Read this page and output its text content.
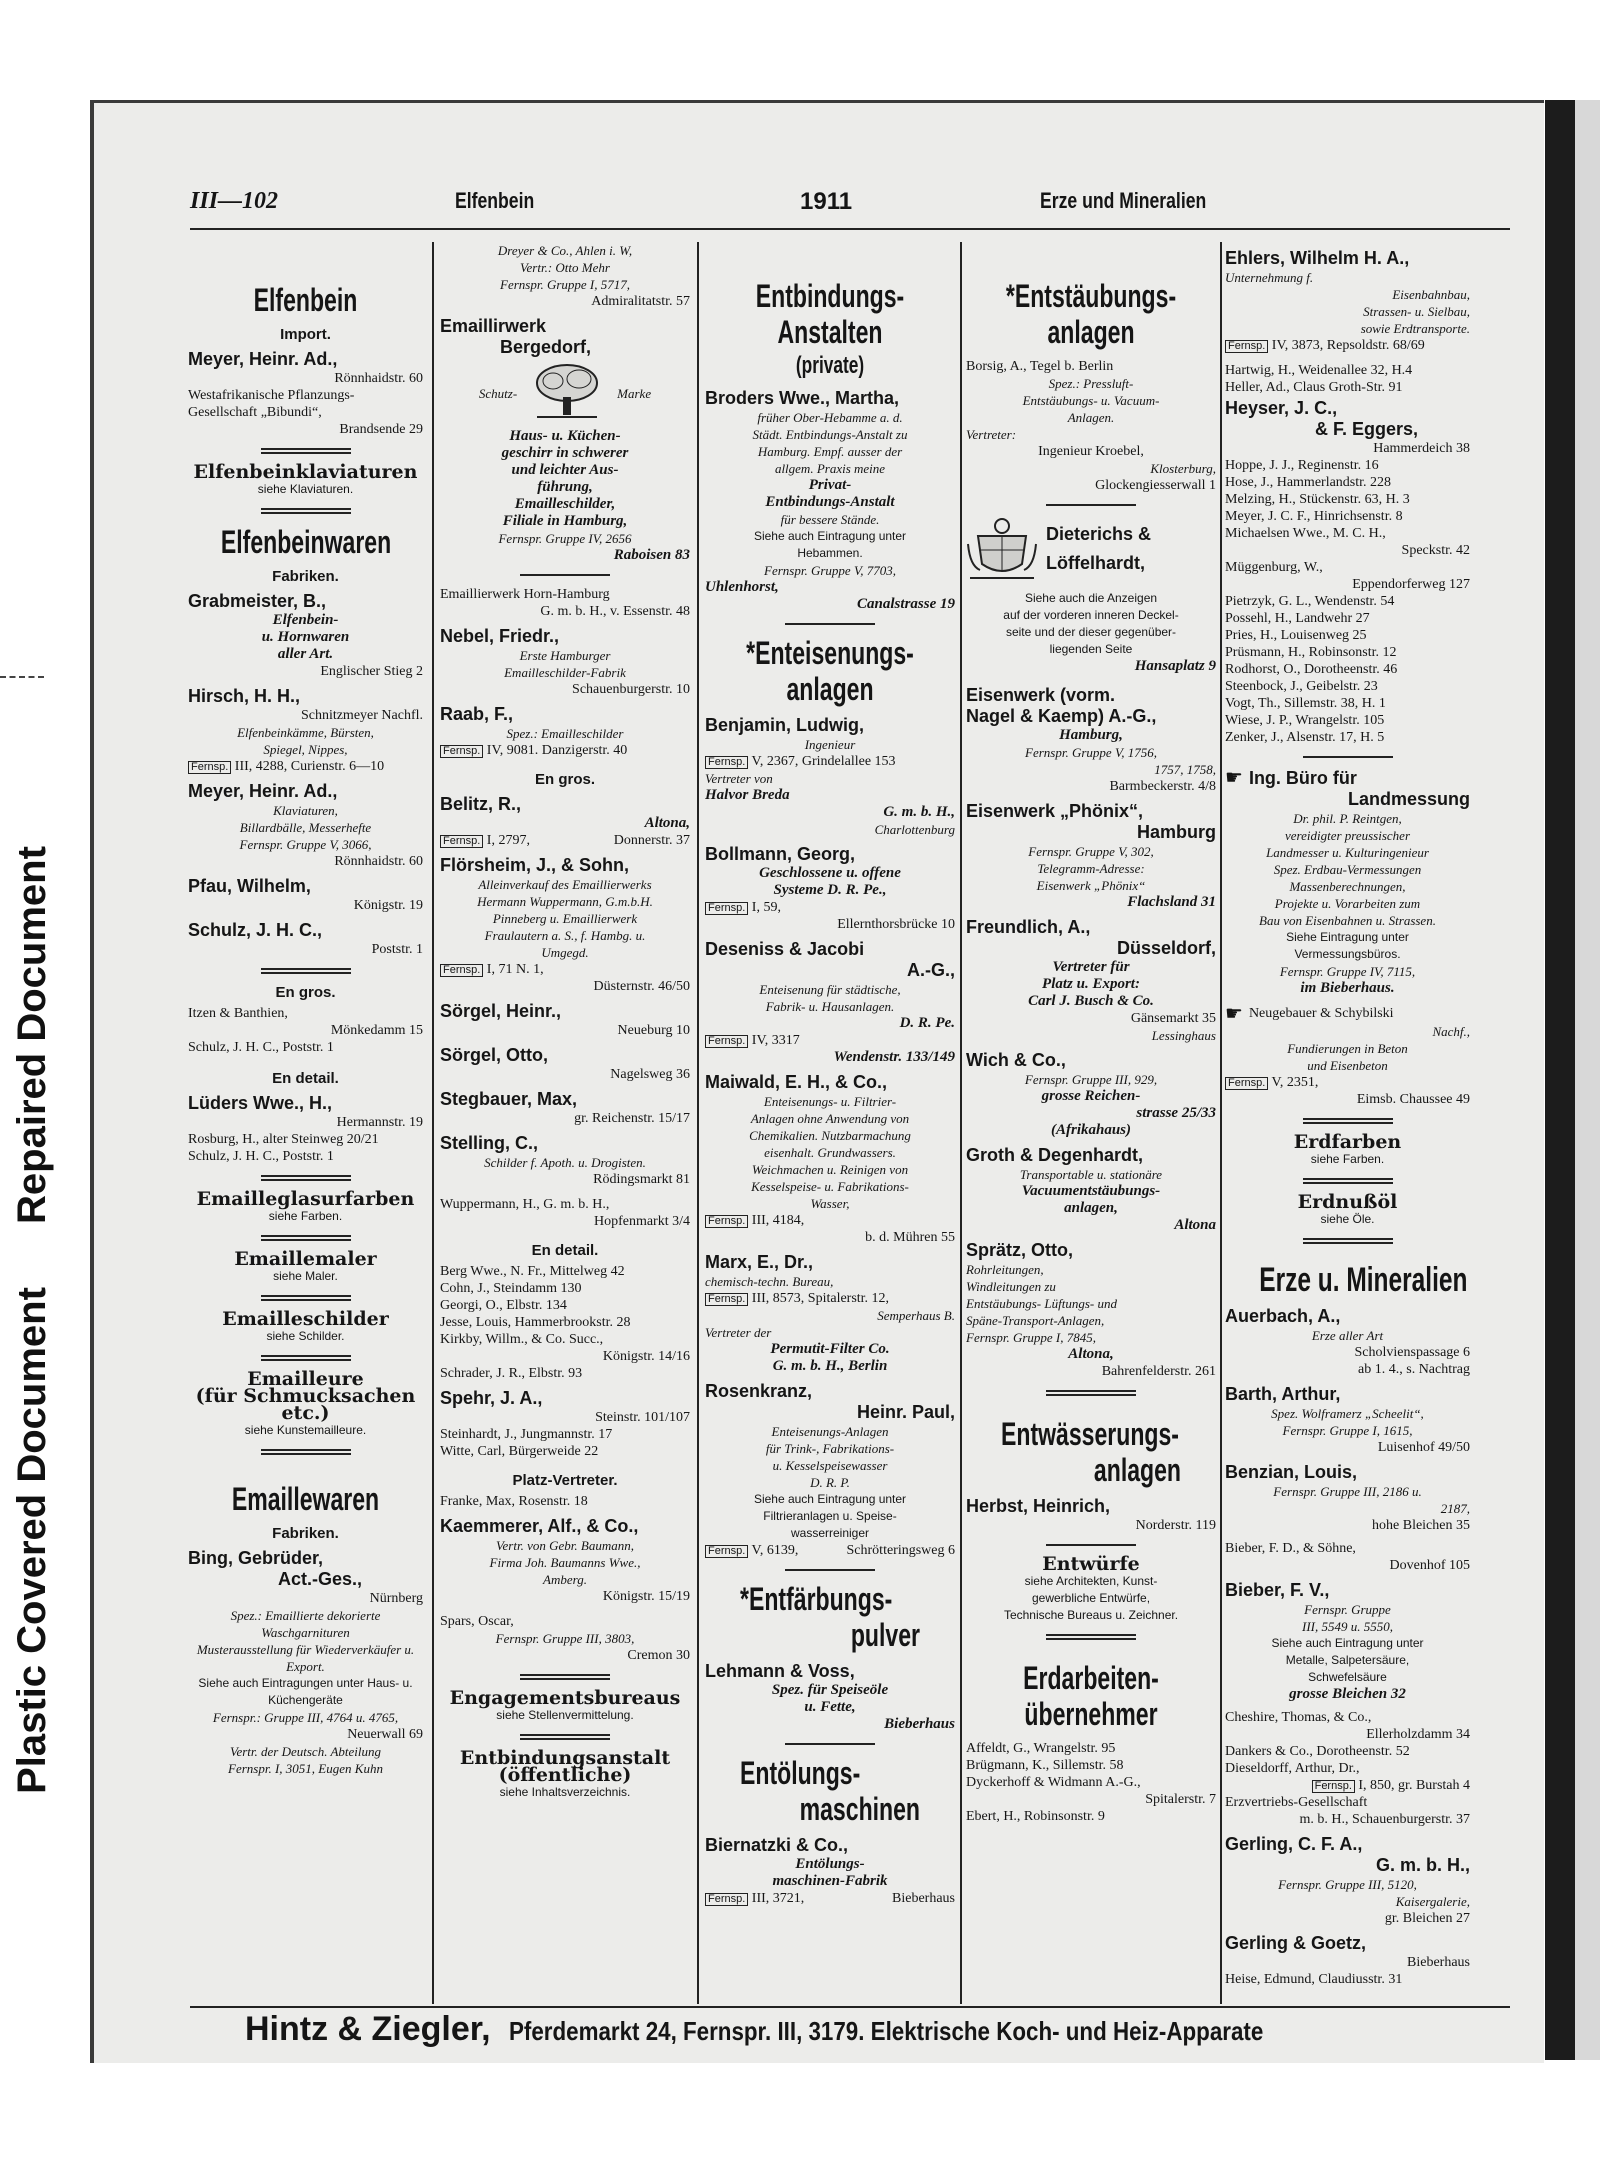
Plastic Covered Document Repaired Document
III—102	Elfenbein	1911	Erze und Mineralien
Elfenbein
Import.
Meyer, Heinr. Ad.,
Rönnhaidstr. 60
Westafrikanische Pflanzungs-Gesellschaft „Bibundi“,
Brandsende 29
Elfenbeinklaviaturen
siehe Klaviaturen.
Elfenbeinwaren
Fabriken.
Grabmeister, B.,
Elfenbein-
u. Hornwaren
aller Art.
Englischer Stieg 2
Hirsch, H. H.,
Schnitzmeyer Nachfl.
Elfenbeinkämme, Bürsten,
Spiegel, Nippes,
Fernsp. III, 4288, Curienstr. 6—10
Meyer, Heinr. Ad.,
Klaviaturen,
Billardbälle, Messerhefte
Fernspr. Gruppe V, 3066,
Rönnhaidstr. 60
Pfau, Wilhelm,
Königstr. 19
Schulz, J. H. C.,
Poststr. 1
En gros.
Itzen & Banthien,
Mönkedamm 15
Schulz, J. H. C., Poststr. 1
En detail.
Lüders Wwe., H.,
Hermannstr. 19
Rosburg, H., alter Steinweg 20/21
Schulz, J. H. C., Poststr. 1
Emailleglasurfarben
siehe Farben.
Emaillemaler
siehe Maler.
Emailleschilder
siehe Schilder.
Emailleure
(für Schmucksachen etc.)
siehe Kunstemailleure.
Emaillewaren
Fabriken.
Bing, Gebrüder,
Act.-Ges.,
Nürnberg
Spez.: Emaillierte dekorierte Waschgarnituren
Musterausstellung für Wiederverkäufer u. Export.
Siehe auch Eintragungen unter Haus- u. Küchengeräte
Fernspr.: Gruppe III, 4764 u. 4765,
Neuerwall 69
Vertr. der Deutsch. Abteilung
Fernspr. I, 3051, Eugen Kuhn
Dreyer & Co., Ahlen i. W,
Vertr.: Otto Mehr
Fernspr. Gruppe I, 5717,
Admiralitatstr. 57
Emaillirwerk
Bergedorf,
Schutz-	Marke
Haus- u. Küchen-
geschirr in schwerer
und leichter Aus-
führung,
Emailleschilder,
Filiale in Hamburg,
Fernspr. Gruppe IV, 2656
Raboisen 83
Emaillierwerk Horn-Hamburg
G. m. b. H., v. Essenstr. 48
Nebel, Friedr.,
Erste Hamburger
Emailleschilder-Fabrik
Schauenburgerstr. 10
Raab, F.,
Spez.: Emailleschilder
Fernsp. IV, 9081. Danzigerstr. 40
En gros.
Belitz, R.,
Altona,
Fernsp. I, 2797,	Donnerstr. 37
Flörsheim, J., & Sohn,
Alleinverkauf des Emaillierwerks
Hermann Wuppermann, G.m.b.H.
Pinneberg u. Emaillierwerk
Fraulautern a. S., f. Hambg. u.
Umgegd.
Fernsp. I, 71 N. 1,
Düsternstr. 46/50
Sörgel, Heinr.,
Neueburg 10
Sörgel, Otto,
Nagelsweg 36
Stegbauer, Max,
gr. Reichenstr. 15/17
Stelling, C.,
Schilder f. Apoth. u. Drogisten.
Rödingsmarkt 81
Wuppermann, H., G. m. b. H.,
Hopfenmarkt 3/4
En detail.
Berg Wwe., N. Fr., Mittelweg 42
Cohn, J., Steindamm 130
Georgi, O., Elbstr. 134
Jesse, Louis, Hammerbrookstr. 28
Kirkby, Willm., & Co. Succ.,
Königstr. 14/16
Schrader, J. R., Elbstr. 93
Spehr, J. A.,
Steinstr. 101/107
Steinhardt, J., Jungmannstr. 17
Witte, Carl, Bürgerweide 22
Platz-Vertreter.
Franke, Max, Rosenstr. 18
Kaemmerer, Alf., & Co.,
Vertr. von Gebr. Baumann,
Firma Joh. Baumanns Wwe.,
Amberg.
Königstr. 15/19
Spars, Oscar,
Fernspr. Gruppe III, 3803,
Cremon 30
Engagementsbureaus
siehe Stellenvermittelung.
Entbindungsanstalt
(öffentliche)
siehe Inhaltsverzeichnis.
Entbindungs-
Anstalten
(private)
Broders Wwe., Martha,
früher Ober-Hebamme a. d.
Städt. Entbindungs-Anstalt zu
Hamburg. Empf. ausser der
allgem. Praxis meine
Privat-
Entbindungs-Anstalt
für bessere Stände.
Siehe auch Eintragung unter
Hebammen.
Fernspr. Gruppe V, 7703,
Uhlenhorst,
Canalstrasse 19
*Enteisenungs-
anlagen
Benjamin, Ludwig,
Ingenieur
Fernsp. V, 2367, Grindelallee 153
Vertreter von
Halvor Breda
G. m. b. H.,
Charlottenburg
Bollmann, Georg,
Geschlossene u. offene
Systeme D. R. Pe.,
Fernsp. I, 59,
Ellernthorsbrücke 10
Deseniss & Jacobi
A.-G.,
Enteisenung für städtische,
Fabrik- u. Hausanlagen.
D. R. Pe.
Fernsp. IV, 3317
Wendenstr. 133/149
Maiwald, E. H., & Co.,
Enteisenungs- u. Filtrier-
Anlagen ohne Anwendung von
Chemikalien. Nutzbarmachung
eisenhalt. Grundwassers.
Weichmachen u. Reinigen von
Kesselspeise- u. Fabrikations-
Wasser,
Fernsp. III, 4184,
b. d. Mühren 55
Marx, E., Dr.,
chemisch-techn. Bureau,
Fernsp. III, 8573, Spitalerstr. 12,
Semperhaus B.
Vertreter der
Permutit-Filter Co.
G. m. b. H., Berlin
Rosenkranz,
Heinr. Paul,
Enteisenungs-Anlagen
für Trink-, Fabrikations-
u. Kesselspeisewasser
D. R. P.
Siehe auch Eintragung unter
Filtrieranlagen u. Speise-
wasserreiniger
Fernsp. V, 6139,	Schrötteringsweg 6
*Entfärbungs-
pulver
Lehmann & Voss,
Spez. für Speiseöle
u. Fette,
Bieberhaus
Entölungs-
maschinen
Biernatzki & Co.,
Entölungs-
maschinen-Fabrik
Fernsp. III, 3721,	Bieberhaus
*Entstäubungs-
anlagen
Borsig, A., Tegel b. Berlin
Spez.: Pressluft-
Entstäubungs- u. Vacuum-
Anlagen.
Vertreter:
Ingenieur Kroebel,
Klosterburg,
Glockengiesserwall 1
Dieterichs &
Löffelhardt,
Siehe auch die Anzeigen
auf der vorderen inneren Deckel-
seite und der dieser gegenüber-
liegenden Seite
Hansaplatz 9
Eisenwerk (vorm.
Nagel & Kaemp) A.-G.,
Hamburg,
Fernspr. Gruppe V, 1756,
1757, 1758,
Barmbeckerstr. 4/8
Eisenwerk „Phönix“,
Hamburg
Fernspr. Gruppe V, 302,
Telegramm-Adresse:
Eisenwerk „Phönix“
Flachsland 31
Freundlich, A.,
Düsseldorf,
Vertreter für
Platz u. Export:
Carl J. Busch & Co.
Gänsemarkt 35
Lessinghaus
Wich & Co.,
Fernspr. Gruppe III, 929,
grosse Reichen-
strasse 25/33
(Afrikahaus)
Groth & Degenhardt,
Transportable u. stationäre
Vacuumentstäubungs-
anlagen,
Altona
Sprätz, Otto,
Rohrleitungen,
Windleitungen zu
Entstäubungs- Lüftungs- und
Späne-Transport-Anlagen,
Fernspr. Gruppe I, 7845,
Altona,
Bahrenfelderstr. 261
Entwässerungs-
anlagen
Herbst, Heinrich,
Norderstr. 119
Entwürfe
siehe Architekten, Kunst-
gewerbliche Entwürfe,
Technische Bureaus u. Zeichner.
Erdarbeiten-
übernehmer
Affeldt, G., Wrangelstr. 95
Brügmann, K., Sillemstr. 58
Dyckerhoff & Widmann A.-G.,
Spitalerstr. 7
Ebert, H., Robinsonstr. 9
Ehlers, Wilhelm H. A.,
Unternehmung f.
Eisenbahnbau,
Strassen- u. Sielbau,
sowie Erdtransporte.
Fernsp. IV, 3873, Repsoldstr. 68/69
Hartwig, H., Weidenallee 32, H.4
Heller, Ad., Claus Groth-Str. 91
Heyser, J. C.,
& F. Eggers,
Hammerdeich 38
Hoppe, J. J., Reginenstr. 16
Hose, J., Hammerlandstr. 228
Melzing, H., Stückenstr. 63, H. 3
Meyer, J. C. F., Hinrichsenstr. 8
Michaelsen Wwe., M. C. H.,
Speckstr. 42
Müggenburg, W.,
Eppendorferweg 127
Pietrzyk, G. L., Wendenstr. 54
Possehl, H., Landwehr 27
Pries, H., Louisenweg 25
Prüsmann, H., Robinsonstr. 12
Rodhorst, O., Dorotheenstr. 46
Steenbock, J., Geibelstr. 23
Vogt, Th., Sillemstr. 38, H. 1
Wiese, J. P., Wrangelstr. 105
Zenker, J., Alsenstr. 17, H. 5
☛ Ing. Büro für
Landmessung
Dr. phil. P. Reintgen,
vereidigter preussischer
Landmesser u. Kulturingenieur
Spez. Erdbau-Vermessungen
Massenberechnungen,
Projekte u. Vorarbeiten zum
Bau von Eisenbahnen u. Strassen.
Siehe Eintragung unter
Vermessungsbüros.
Fernspr. Gruppe IV, 7115,
im Bieberhaus.
☛ Neugebauer & Schybilski
Nachf.,
Fundierungen in Beton
und Eisenbeton
Fernsp. V, 2351,
Eimsb. Chaussee 49
Erdfarben
siehe Farben.
Erdnußöl
siehe Öle.
Erze u. Mineralien
Auerbach, A.,
Erze aller Art
Scholvienspassage 6
ab 1. 4., s. Nachtrag
Barth, Arthur,
Spez. Wolframerz „Scheelit“,
Fernspr. Gruppe I, 1615,
Luisenhof 49/50
Benzian, Louis,
Fernspr. Gruppe III, 2186 u.
2187,
hohe Bleichen 35
Bieber, F. D., & Söhne,
Dovenhof 105
Bieber, F. V.,
Fernspr. Gruppe
III, 5549 u. 5550,
Siehe auch Eintragung unter
Metalle, Salpetersäure,
Schwefelsäure
grosse Bleichen 32
Cheshire, Thomas, & Co.,
Ellerholzdamm 34
Dankers & Co., Dorotheenstr. 52
Dieseldorff, Arthur, Dr.,
Fernsp. I, 850, gr. Burstah 4
Erzvertriebs-Gesellschaft
m. b. H., Schauenburgerstr. 37
Gerling, C. F. A.,
G. m. b. H.,
Fernspr. Gruppe III, 5120,
Kaisergalerie,
gr. Bleichen 27
Gerling & Goetz,
Bieberhaus
Heise, Edmund, Claudiusstr. 31
Hintz & Ziegler, Pferdemarkt 24, Fernspr. III, 3179. Elektrische Koch- und Heiz-Apparate
